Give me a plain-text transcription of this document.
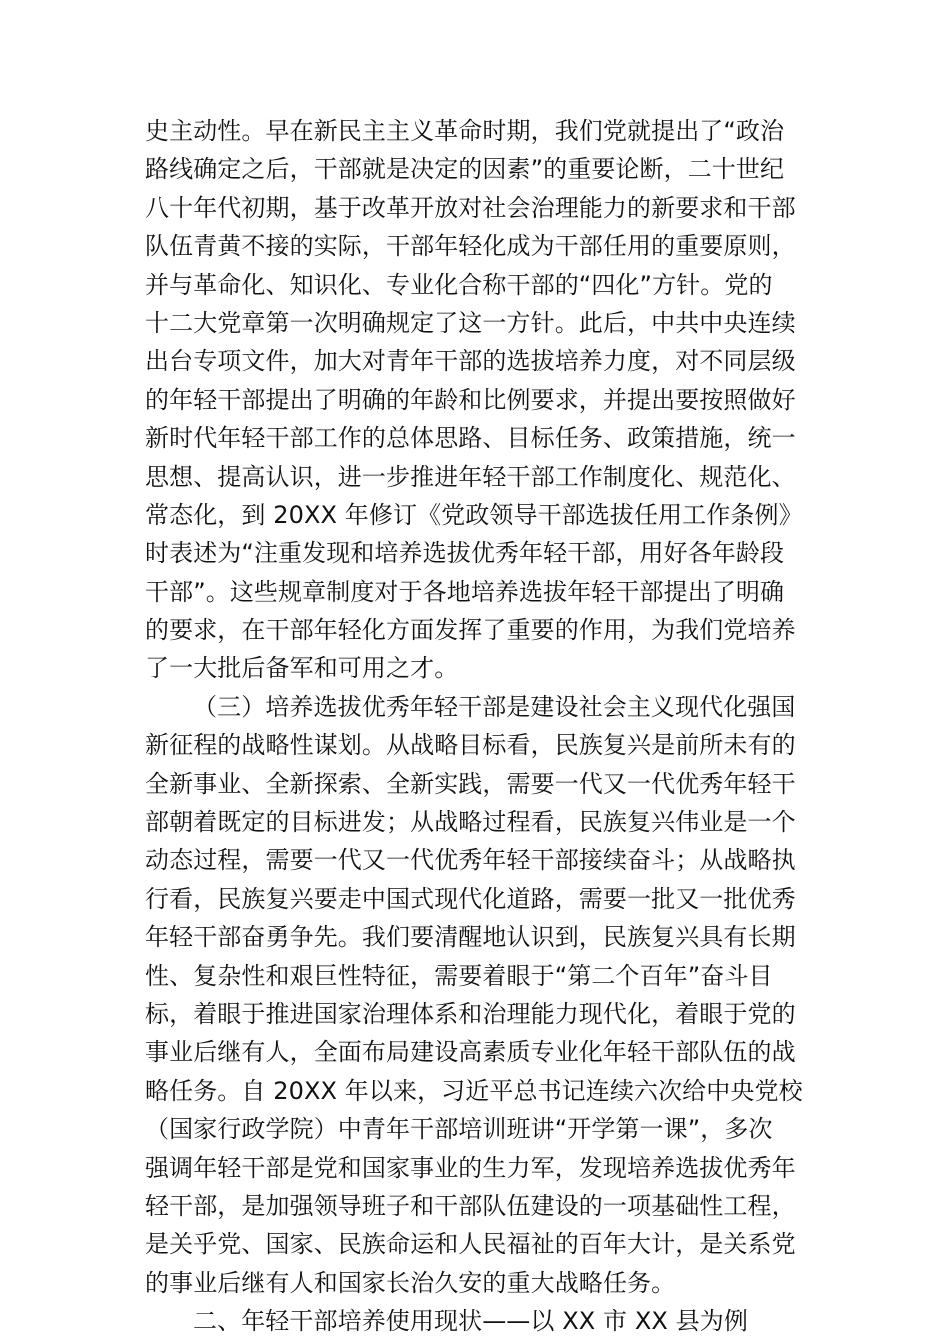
史主动性。早在新民主主义革命时期，我们党就提出了“政治
路线确定之后，干部就是决定的因素”的重要论断，二十世纪
八十年代初期，基于改革开放对社会治理能力的新要求和干部
队伍青黄不接的实际，干部年轻化成为干部任用的重要原则，
并与革命化、知识化、专业化合称干部的“四化”方针。党的
十二大党章第一次明确规定了这一方针。此后，中共中央连续
出台专项文件，加大对青年干部的选拔培养力度，对不同层级
的年轻干部提出了明确的年龄和比例要求，并提出要按照做好
新时代年轻干部工作的总体思路、目标任务、政策措施，统一
思想、提高认识，进一步推进年轻干部工作制度化、规范化、
常态化，到 20XX 年修订《党政领导干部选拔任用工作条例》
时表述为“注重发现和培养选拔优秀年轻干部，用好各年龄段
干部”。这些规章制度对于各地培养选拔年轻干部提出了明确
的要求，在干部年轻化方面发挥了重要的作用，为我们党培养
了一大批后备军和可用之才。
（三）培养选拔优秀年轻干部是建设社会主义现代化强国
新征程的战略性谋划。从战略目标看，民族复兴是前所未有的
全新事业、全新探索、全新实践，需要一代又一代优秀年轻干
部朝着既定的目标进发；从战略过程看，民族复兴伟业是一个
动态过程，需要一代又一代优秀年轻干部接续奋斗；从战略执
行看，民族复兴要走中国式现代化道路，需要一批又一批优秀
年轻干部奋勇争先。我们要清醒地认识到，民族复兴具有长期
性、复杂性和艰巨性特征，需要着眼于“第二个百年”奋斗目
标，着眼于推进国家治理体系和治理能力现代化，着眼于党的
事业后继有人，全面布局建设高素质专业化年轻干部队伍的战
略任务。自 20XX 年以来，习近平总书记连续六次给中央党校
（国家行政学院）中青年干部培训班讲“开学第一课”，多次
强调年轻干部是党和国家事业的生力军，发现培养选拔优秀年
轻干部，是加强领导班子和干部队伍建设的一项基础性工程，
是关乎党、国家、民族命运和人民福祉的百年大计，是关系党
的事业后继有人和国家长治久安的重大战略任务。
二、年轻干部培养使用现状——以 XX 市 XX 县为例
